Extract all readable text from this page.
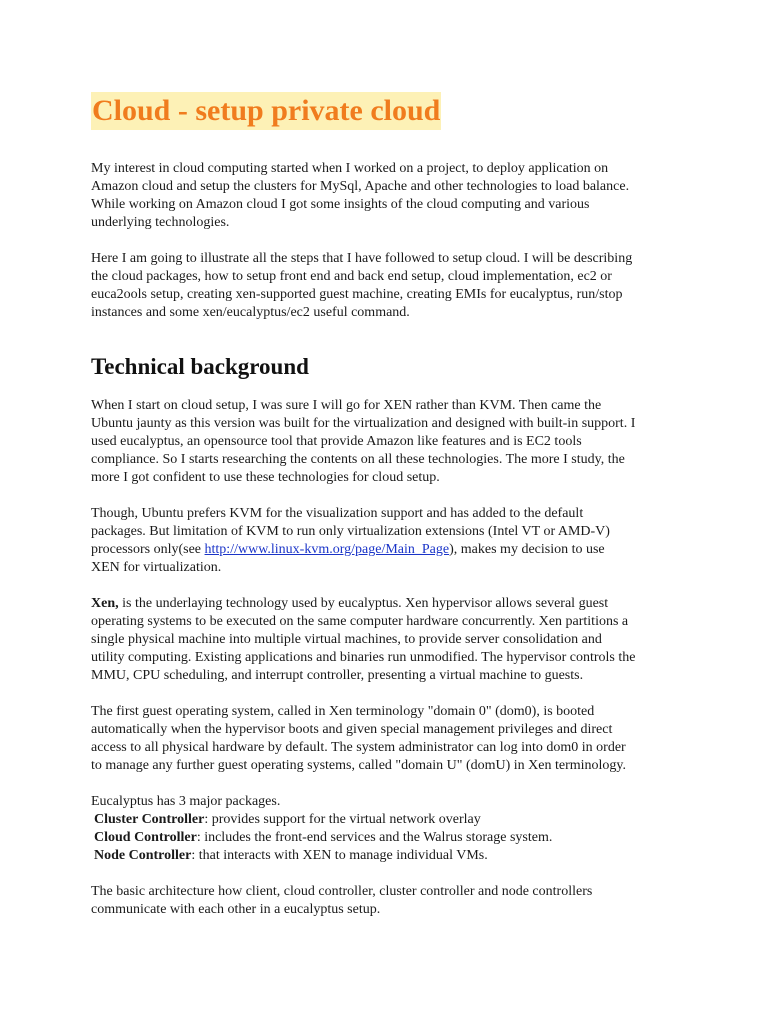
Cloud - setup private cloud

My interest in cloud computing started when I worked on a project, to deploy application on
Amazon cloud and setup the clusters for MySql, Apache and other technologies to load balance.
While working on Amazon cloud I got some insights of the cloud computing and various
underlying technologies.

Here I am going to illustrate all the steps that I have followed to setup cloud. I will be describing
the cloud packages, how to setup front end and back end setup, cloud implementation, ec2 or
euca2ools setup, creating xen-supported guest machine, creating EMIs for eucalyptus, run/stop
instances and some xen/eucalyptus/ec2 useful command.

Technical background

When I start on cloud setup, I was sure I will go for XEN rather than KVM. Then came the
Ubuntu jaunty as this version was built for the virtualization and designed with built-in support. I
used eucalyptus, an opensource tool that provide Amazon like features and is EC2 tools
compliance. So I starts researching the contents on all these technologies. The more I study, the
more I got confident to use these technologies for cloud setup.

Though, Ubuntu prefers KVM for the visualization support and has added to the default
packages. But limitation of KVM to run only virtualization extensions (Intel VT or AMD-V)
processors only(see http://www.linux-kvm.org/page/Main_Page), makes my decision to use
XEN for virtualization.

Xen, is the underlaying technology used by eucalyptus. Xen hypervisor allows several guest
operating systems to be executed on the same computer hardware concurrently. Xen partitions a
single physical machine into multiple virtual machines, to provide server consolidation and
utility computing. Existing applications and binaries run unmodified. The hypervisor controls the
MMU, CPU scheduling, and interrupt controller, presenting a virtual machine to guests.

The first guest operating system, called in Xen terminology "domain 0" (dom0), is booted
automatically when the hypervisor boots and given special management privileges and direct
access to all physical hardware by default. The system administrator can log into dom0 in order
to manage any further guest operating systems, called "domain U" (domU) in Xen terminology.

Eucalyptus has 3 major packages.

Cluster Controller: provides support for the virtual network overlay

Cloud Controller: includes the front-end services and the Walrus storage system.

Node Controller: that interacts with XEN to manage individual VMs.

The basic architecture how client, cloud controller, cluster controller and node controllers
communicate with each other in a eucalyptus setup.
